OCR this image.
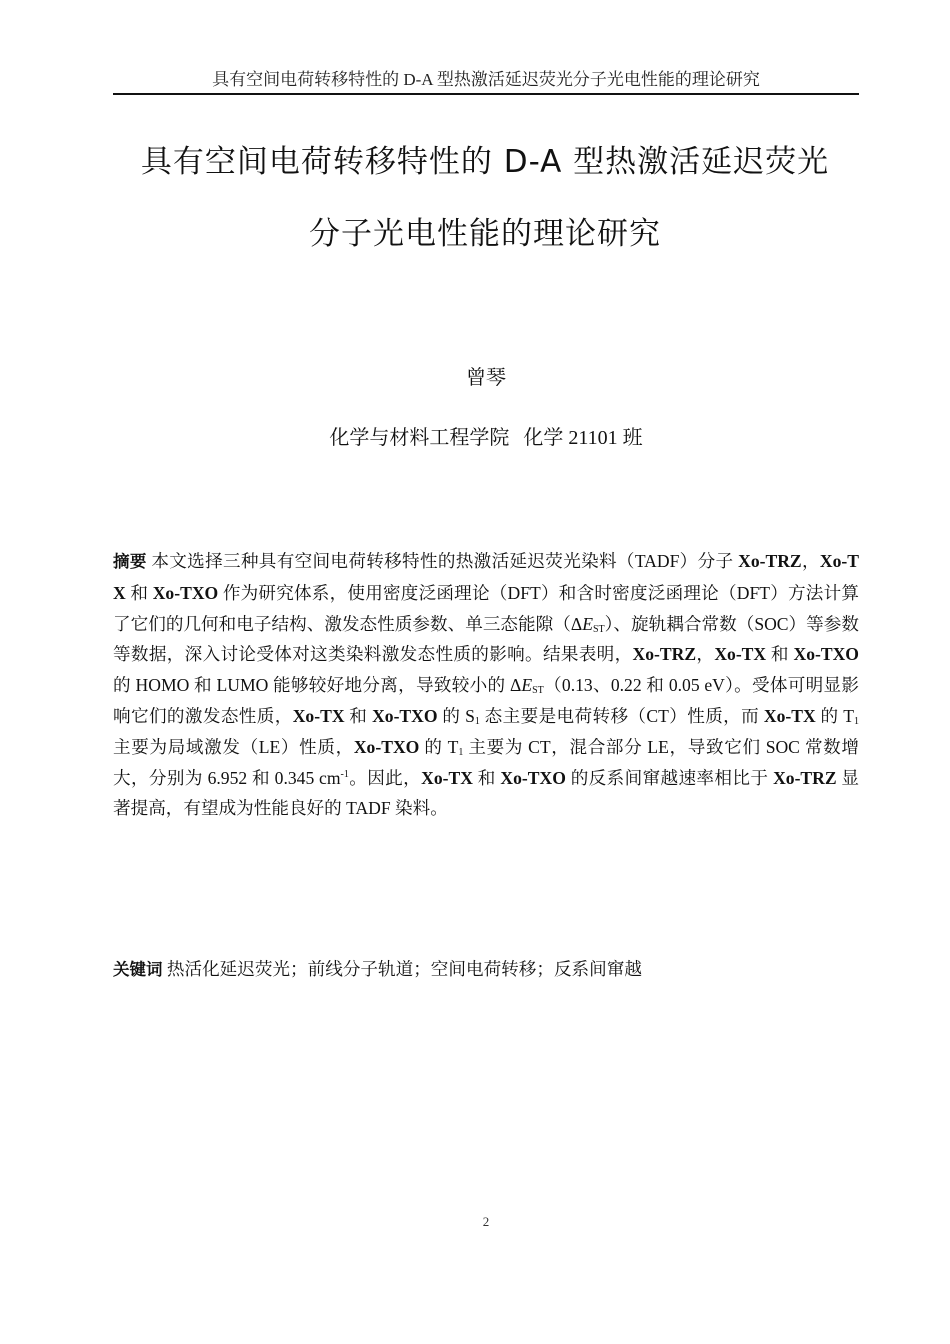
具有空间电荷转移特性的 D-A 型热激活延迟荧光分子光电性能的理论研究
具有空间电荷转移特性的 D-A 型热激活延迟荧光
分子光电性能的理论研究
曾琴
化学与材料工程学院 化学 21101 班
摘要 本文选择三种具有空间电荷转移特性的热激活延迟荧光染料（TADF）分子 Xo-TRZ，Xo-TX 和 Xo-TXO 作为研究体系，使用密度泛函理论（DFT）和含时密度泛函理论（DFT）方法计算了它们的几何和电子结构、激发态性质参数、单三态能隙$(\Delta E_{ST})$、旋轨耦合常数（SOC）等参数等数据，深入讨论受体对这类染料激发态性质的影响。结果表明，Xo-TRZ，Xo-TX 和 Xo-TXO 的 HOMO 和 LUMO 能够较好地分离，导致较小的 $\Delta E_{ST}(0.13$、0.22 和 0.05 eV）。受体可明显影响它们的激发态性质，Xo-TX 和 Xo-TXO 的 $S_1$ 态主要是电荷转移（CT）性质，而 Xo-TX 的 $T_1$ 主要为局域激发（LE）性质，Xo-TXO 的 $T_1$ 主要为 CT，混合部分 LE，导致它们 SOC 常数增大，分别为 6.952 和 0.345 $cm^{-1}$。因此，Xo-TX 和 Xo-TXO 的反系间窜越速率相比于 Xo-TRZ 显著提高，有望成为性能良好的 TADF 染料。
关键词 热活化延迟荧光；前线分子轨道；空间电荷转移；反系间窜越
2
